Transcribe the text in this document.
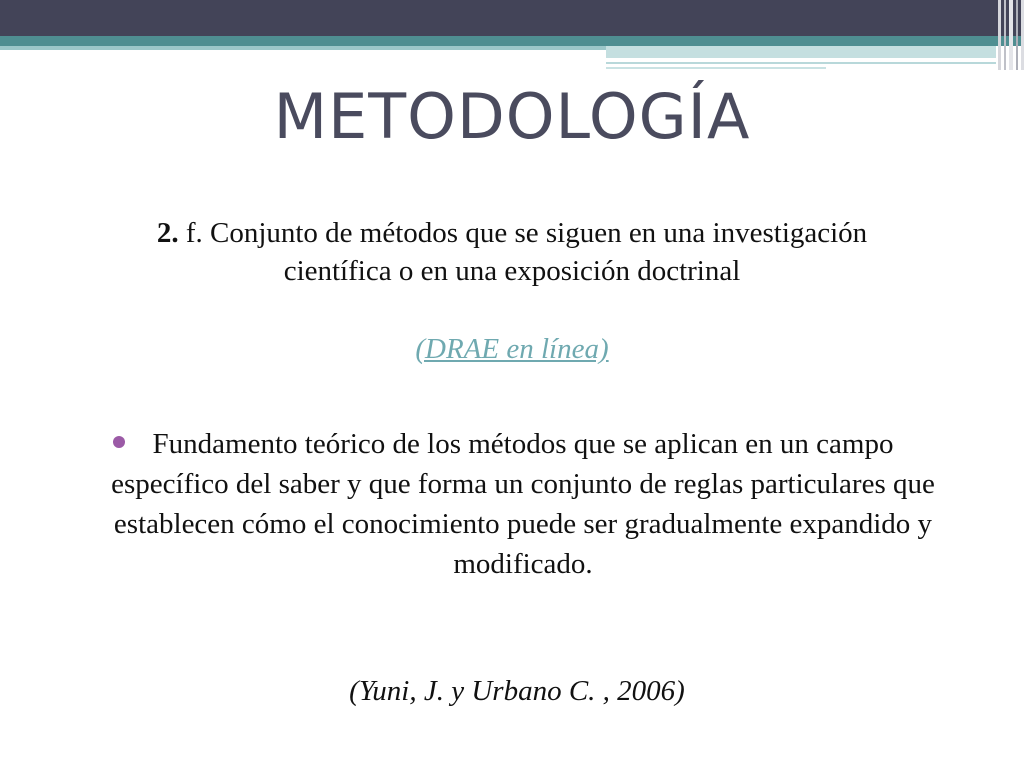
METODOLOGÍA
2. f. Conjunto de métodos que se siguen en una investigación científica o en una exposición doctrinal
(DRAE en línea)
Fundamento teórico de los métodos que se aplican en un campo específico del saber y que forma un conjunto de reglas particulares que establecen cómo el conocimiento puede ser gradualmente expandido y modificado.
(Yuni, J. y Urbano C. , 2006)
